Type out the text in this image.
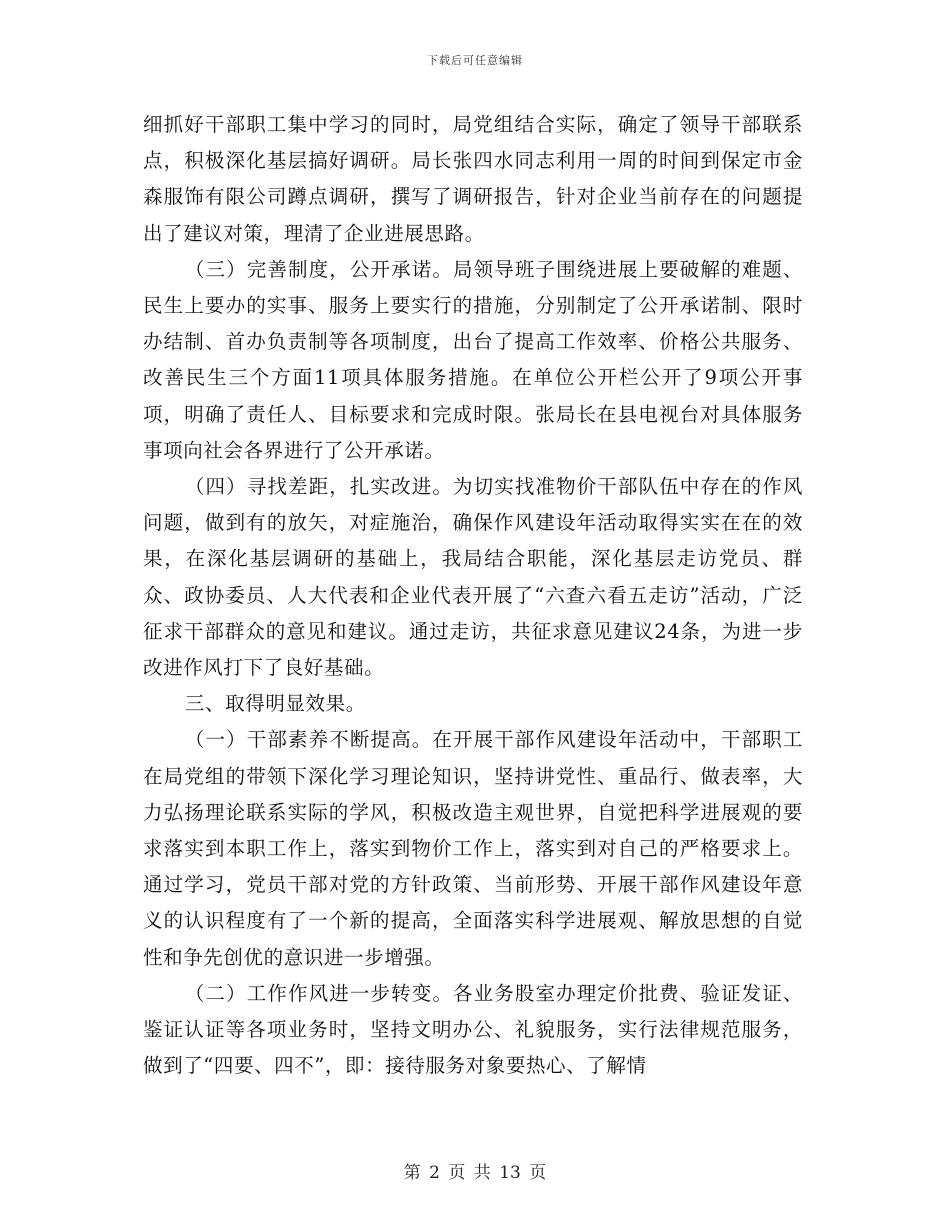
下载后可任意编辑

细抓好干部职工集中学习的同时，局党组结合实际，确定了领导干部联系点，积极深化基层搞好调研。局长张四水同志利用一周的时间到保定市金森服饰有限公司蹲点调研，撰写了调研报告，针对企业当前存在的问题提出了建议对策，理清了企业进展思路。

（三）完善制度，公开承诺。局领导班子围绕进展上要破解的难题、民生上要办的实事、服务上要实行的措施，分别制定了公开承诺制、限时办结制、首办负责制等各项制度，出台了提高工作效率、价格公共服务、改善民生三个方面11项具体服务措施。在单位公开栏公开了9项公开事项，明确了责任人、目标要求和完成时限。张局长在县电视台对具体服务事项向社会各界进行了公开承诺。

（四）寻找差距，扎实改进。为切实找准物价干部队伍中存在的作风问题，做到有的放矢，对症施治，确保作风建设年活动取得实实在在的效果，在深化基层调研的基础上，我局结合职能，深化基层走访党员、群众、政协委员、人大代表和企业代表开展了“六查六看五走访”活动，广泛征求干部群众的意见和建议。通过走访，共征求意见建议24条，为进一步改进作风打下了良好基础。

三、取得明显效果。

（一）干部素养不断提高。在开展干部作风建设年活动中，干部职工在局党组的带领下深化学习理论知识，坚持讲党性、重品行、做表率，大力弘扬理论联系实际的学风，积极改造主观世界，自觉把科学进展观的要求落实到本职工作上，落实到物价工作上，落实到对自己的严格要求上。通过学习，党员干部对党的方针政策、当前形势、开展干部作风建设年意义的认识程度有了一个新的提高，全面落实科学进展观、解放思想的自觉性和争先创优的意识进一步增强。

（二）工作作风进一步转变。各业务股室办理定价批费、验证发证、鉴证认证等各项业务时，坚持文明办公、礼貌服务，实行法律规范服务，做到了“四要、四不”，即：接待服务对象要热心、了解情

第 2 页 共 13 页
